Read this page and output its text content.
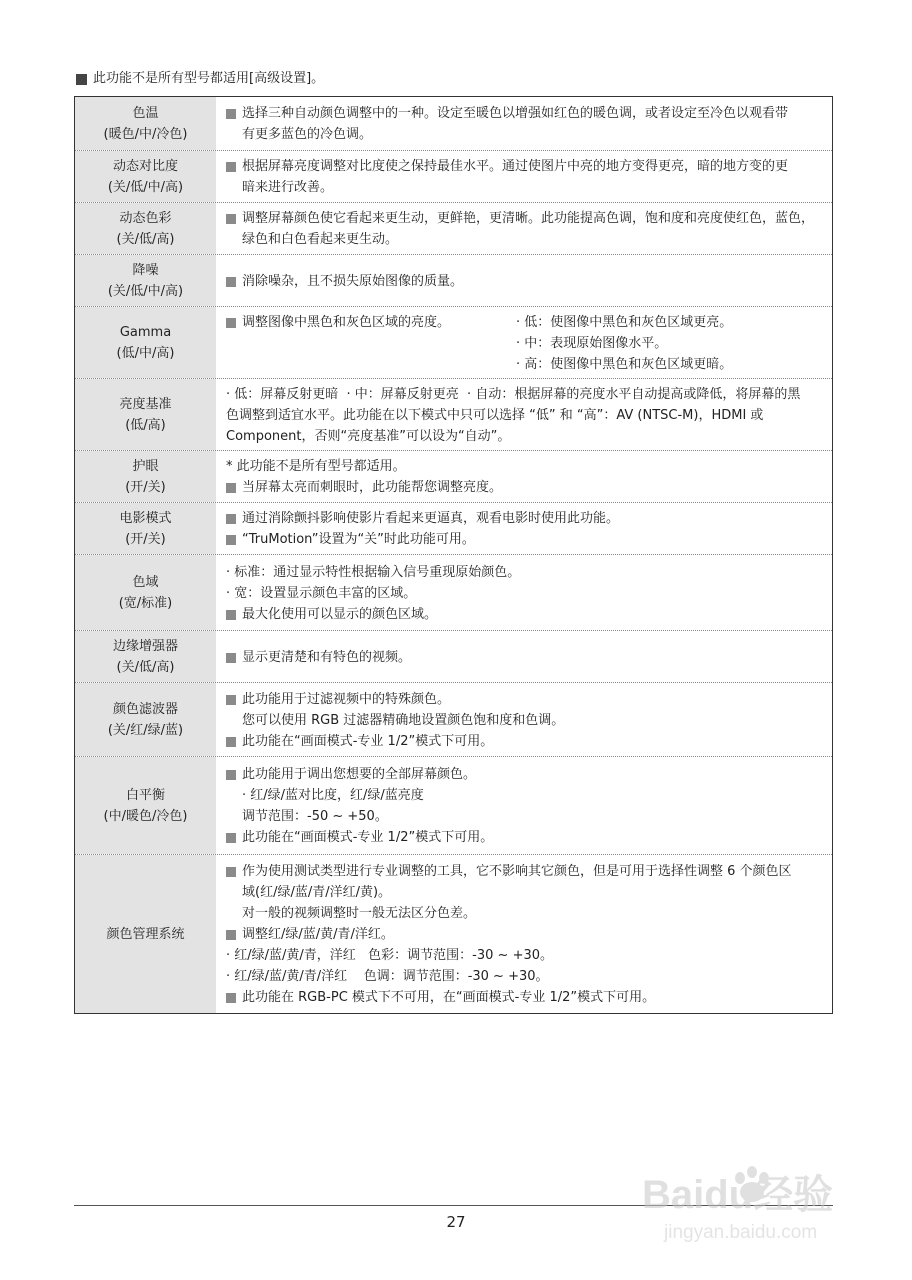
此功能不是所有型号都适用[高级设置]。
色温
(暖色/中/冷色)
选择三种自动颜色调整中的一种。设定至暖色以增强如红色的暖色调，或者设定至冷色以观看带
有更多蓝色的冷色调。
动态对比度
(关/低/中/高)
根据屏幕亮度调整对比度使之保持最佳水平。通过使图片中亮的地方变得更亮，暗的地方变的更
暗来进行改善。
动态色彩
(关/低/高)
调整屏幕颜色使它看起来更生动，更鲜艳，更清晰。此功能提高色调，饱和度和亮度使红色，蓝色，
绿色和白色看起来更生动。
降噪
(关/低/中/高)
消除噪杂，且不损失原始图像的质量。
Gamma
(低/中/高)
调整图像中黑色和灰色区域的亮度。	· 低：使图像中黑色和灰色区域更亮。
· 中：表现原始图像水平。
· 高：使图像中黑色和灰色区域更暗。
亮度基准
(低/高)
· 低：屏幕反射更暗  · 中：屏幕反射更亮  · 自动：根据屏幕的亮度水平自动提高或降低，将屏幕的黑
色调整到适宜水平。此功能在以下模式中只可以选择 “低” 和 “高”：AV (NTSC-M)，HDMI 或
Component，否则“亮度基准”可以设为“自动”。
护眼
(开/关)
* 此功能不是所有型号都适用。
当屏幕太亮而刺眼时，此功能帮您调整亮度。
电影模式
(开/关)
通过消除颤抖影响使影片看起来更逼真，观看电影时使用此功能。
“TruMotion”设置为“关”时此功能可用。
色域
(宽/标准)
· 标准：通过显示特性根据输入信号重现原始颜色。
· 宽：设置显示颜色丰富的区域。
最大化使用可以显示的颜色区域。
边缘增强器
(关/低/高)
显示更清楚和有特色的视频。
颜色滤波器
(关/红/绿/蓝)
此功能用于过滤视频中的特殊颜色。
您可以使用 RGB 过滤器精确地设置颜色饱和度和色调。
此功能在“画面模式-专业 1/2”模式下可用。
白平衡
(中/暖色/冷色)
此功能用于调出您想要的全部屏幕颜色。
· 红/绿/蓝对比度，红/绿/蓝亮度
调节范围：-50 ~ +50。
此功能在“画面模式-专业 1/2”模式下可用。
颜色管理系统
作为使用测试类型进行专业调整的工具，它不影响其它颜色，但是可用于选择性调整 6 个颜色区
域(红/绿/蓝/青/洋红/黄)。
对一般的视频调整时一般无法区分色差。
调整红/绿/蓝/黄/青/洋红。
· 红/绿/蓝/黄/青，洋红   色彩：调节范围：-30 ~ +30。
· 红/绿/蓝/黄/青/洋红    色调：调节范围：-30 ~ +30。
此功能在 RGB-PC 模式下不可用，在“画面模式-专业 1/2”模式下可用。
27
Baidu经验
jingyan.baidu.com
